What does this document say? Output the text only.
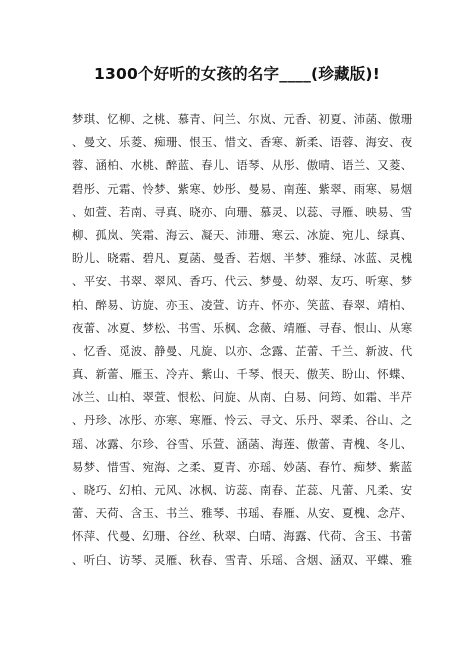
1300个好听的女孩的名字____(珍藏版)!
梦琪、忆柳、之桃、慕青、问兰、尔岚、元香、初夏、沛菡、傲珊
、曼文、乐菱、痴珊、恨玉、惜文、香寒、新柔、语蓉、海安、夜
蓉、涵柏、水桃、醉蓝、春儿、语琴、从彤、傲晴、语兰、又菱、
碧彤、元霜、怜梦、紫寒、妙彤、曼易、南莲、紫翠、雨寒、易烟
、如萱、若南、寻真、晓亦、向珊、慕灵、以蕊、寻雁、映易、雪
柳、孤岚、笑霜、海云、凝天、沛珊、寒云、冰旋、宛儿、绿真、
盼儿、晓霜、碧凡、夏菡、曼香、若烟、半梦、雅绿、冰蓝、灵槐
、平安、书翠、翠风、香巧、代云、梦曼、幼翠、友巧、听寒、梦
柏、醉易、访旋、亦玉、凌萱、访卉、怀亦、笑蓝、春翠、靖柏、
夜蕾、冰夏、梦松、书雪、乐枫、念薇、靖雁、寻春、恨山、从寒
、忆香、觅波、静曼、凡旋、以亦、念露、芷蕾、千兰、新波、代
真、新蕾、雁玉、冷卉、紫山、千琴、恨天、傲芙、盼山、怀蝶、
冰兰、山柏、翠萱、恨松、问旋、从南、白易、问筠、如霜、半芹
、丹珍、冰彤、亦寒、寒雁、怜云、寻文、乐丹、翠柔、谷山、之
瑶、冰露、尔珍、谷雪、乐萱、涵菡、海莲、傲蕾、青槐、冬儿、
易梦、惜雪、宛海、之柔、夏青、亦瑶、妙菡、春竹、痴梦、紫蓝
、晓巧、幻柏、元风、冰枫、访蕊、南春、芷蕊、凡蕾、凡柔、安
蕾、天荷、含玉、书兰、雅琴、书瑶、春雁、从安、夏槐、念芹、
怀萍、代曼、幻珊、谷丝、秋翠、白晴、海露、代荷、含玉、书蕾
、听白、访琴、灵雁、秋春、雪青、乐瑶、含烟、涵双、平蝶、雅
